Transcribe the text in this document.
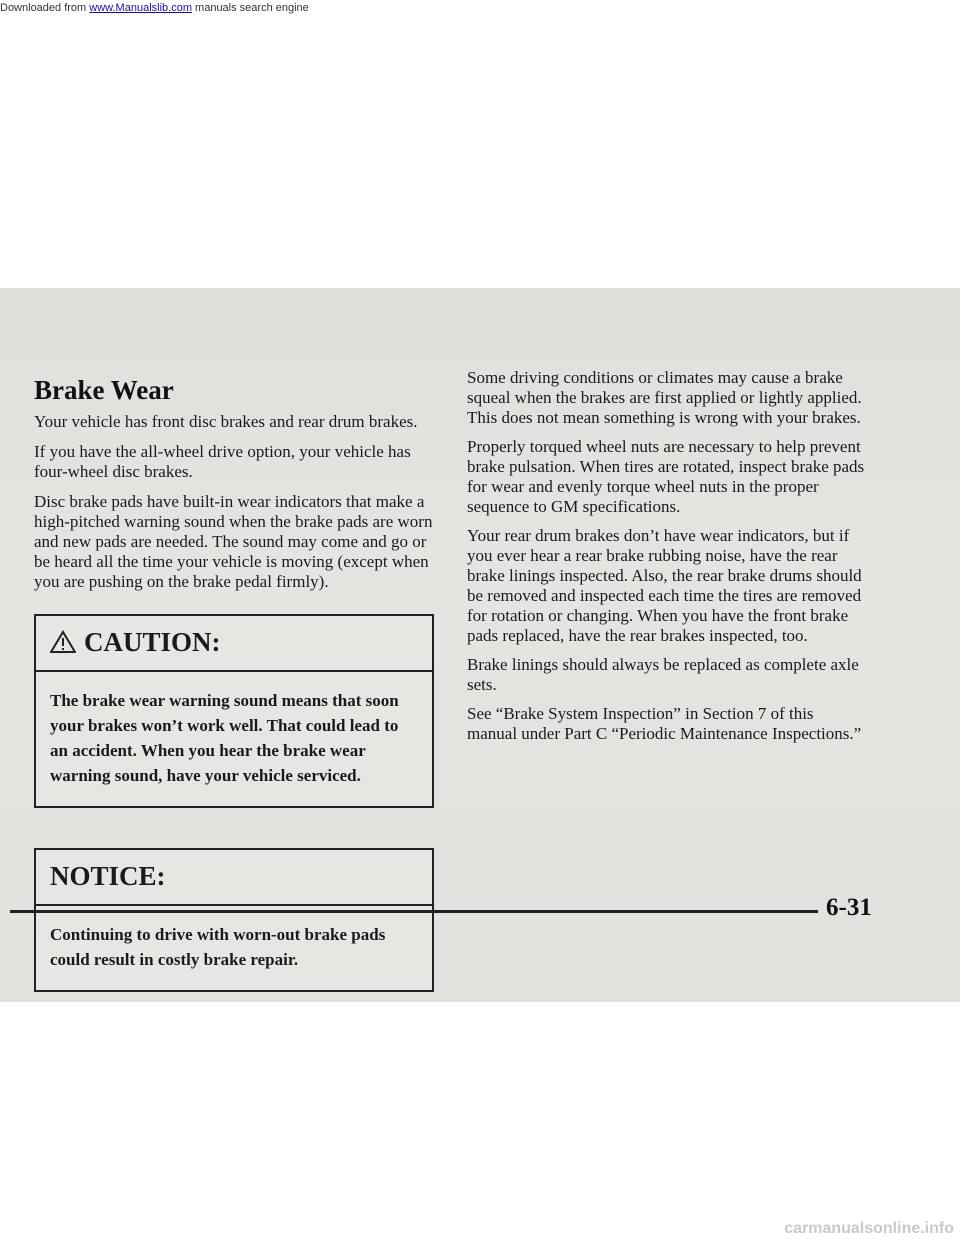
Downloaded from www.Manualslib.com manuals search engine
Brake Wear

Your vehicle has front disc brakes and rear drum brakes.

If you have the all-wheel drive option, your vehicle has four-wheel disc brakes.

Disc brake pads have built-in wear indicators that make a high-pitched warning sound when the brake pads are worn and new pads are needed. The sound may come and go or be heard all the time your vehicle is moving (except when you are pushing on the brake pedal firmly).

CAUTION:
The brake wear warning sound means that soon your brakes won’t work well. That could lead to an accident. When you hear the brake wear warning sound, have your vehicle serviced.
NOTICE:
Continuing to drive with worn-out brake pads could result in costly brake repair.

Some driving conditions or climates may cause a brake squeal when the brakes are first applied or lightly applied. This does not mean something is wrong with your brakes.

Properly torqued wheel nuts are necessary to help prevent brake pulsation. When tires are rotated, inspect brake pads for wear and evenly torque wheel nuts in the proper sequence to GM specifications.

Your rear drum brakes don’t have wear indicators, but if you ever hear a rear brake rubbing noise, have the rear brake linings inspected. Also, the rear brake drums should be removed and inspected each time the tires are removed for rotation or changing. When you have the front brake pads replaced, have the rear brakes inspected, too.

Brake linings should always be replaced as complete axle sets.

See “Brake System Inspection” in Section 7 of this manual under Part C “Periodic Maintenance Inspections.”

6-31
carmanualsonline.info
